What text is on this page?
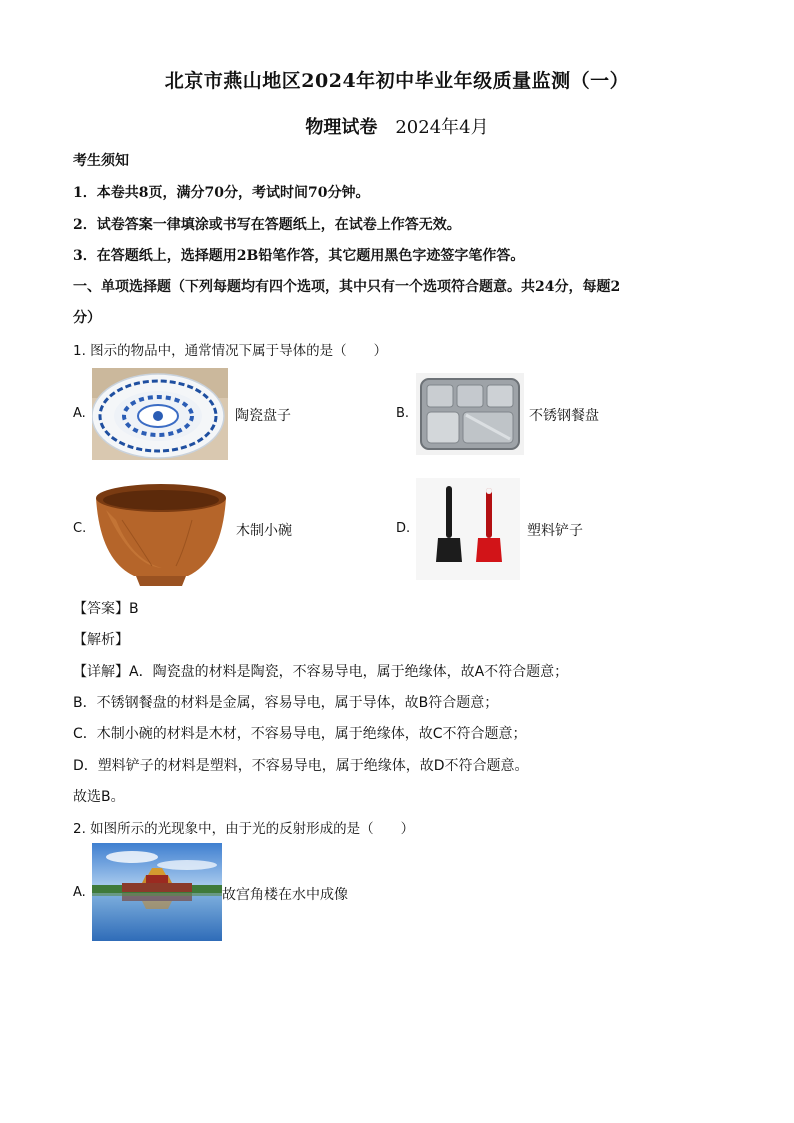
北京市燕山地区2024年初中毕业年级质量监测（一）
物理试卷 2024年4月
考生须知
1．本卷共8页，满分70分，考试时间70分钟。
2．试卷答案一律填涂或书写在答题纸上，在试卷上作答无效。
3．在答题纸上，选择题用2B铅笔作答，其它题用黑色字迹签字笔作答。
一、单项选择题（下列每题均有四个选项，其中只有一个选项符合题意。共24分，每题2
分）
1. 图示的物品中，通常情况下属于导体的是（　　）
A.	陶瓷盘子	B.	不锈钢餐盘
C.	木制小碗	D.	塑料铲子
【答案】B
【解析】
【详解】A．陶瓷盘的材料是陶瓷，不容易导电，属于绝缘体，故A不符合题意；
B．不锈钢餐盘的材料是金属，容易导电，属于导体，故B符合题意；
C．木制小碗的材料是木材，不容易导电，属于绝缘体，故C不符合题意；
D．塑料铲子的材料是塑料，不容易导电，属于绝缘体，故D不符合题意。
故选B。
2. 如图所示的光现象中，由于光的反射形成的是（　　）
A.	故宫角楼在水中成像
